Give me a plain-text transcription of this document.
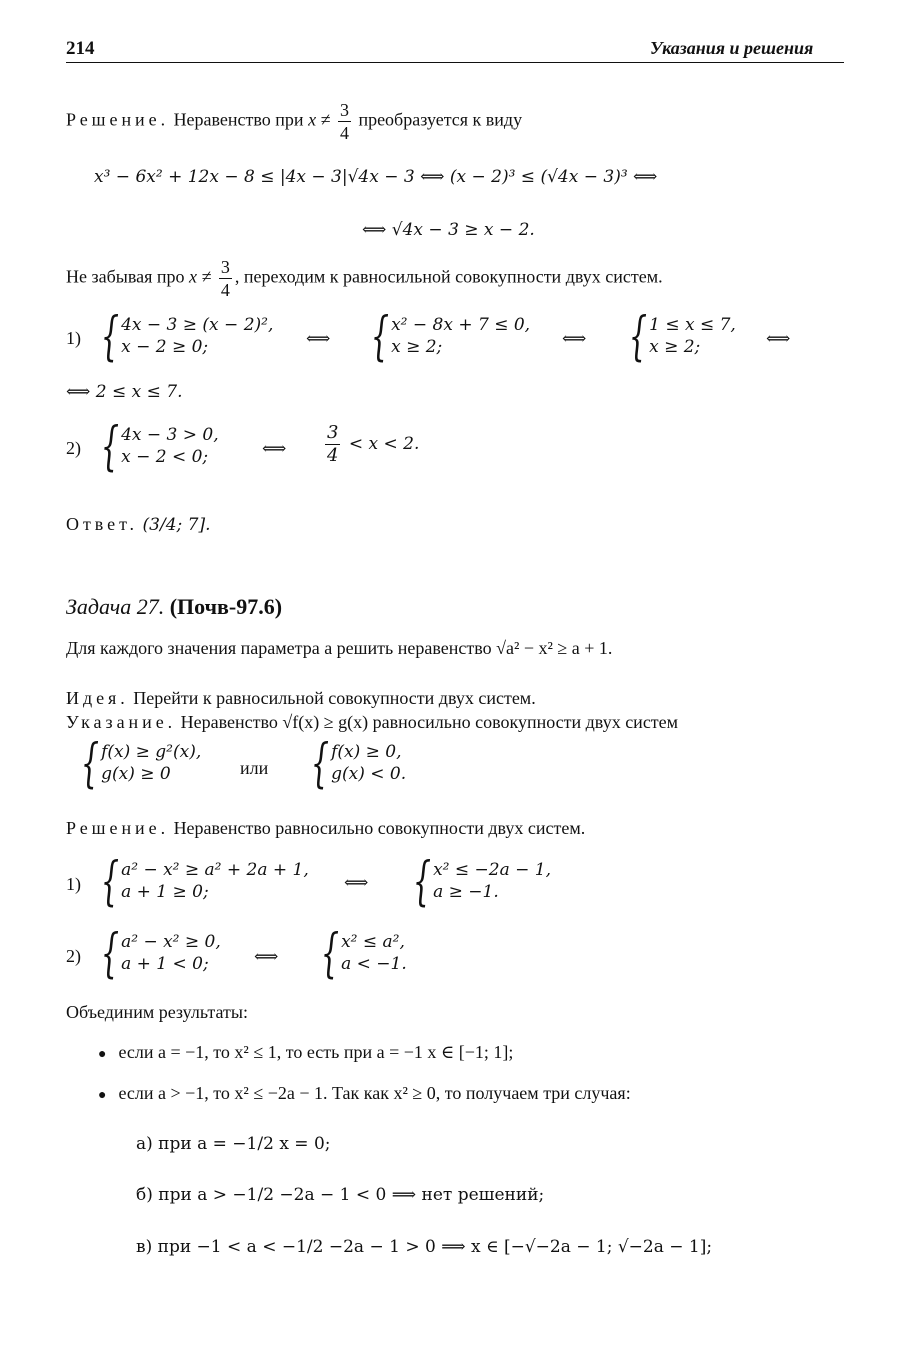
214	Указания и решения
Решение. Неравенство при $x \ne \frac{3}{4}$ преобразуется к виду
x³ − 6x² + 12x − 8 ≤ |4x − 3|√4x − 3 ⟺ (x − 2)³ ≤ (√4x − 3)³ ⟺
⟺ √4x − 3 ≥ x − 2.
Не забывая про $x \ne \frac{3}{4}$ , переходим к равносильной совокупности двух систем.
1) { 4x − 3 ≥ (x − 2)²,
x − 2 ≥ 0;	⟺ { x² − 8x + 7 ≤ 0,
x ≥ 2;	⟺ { 1 ≤ x ≤ 7,
x ≥ 2;	⟺
⟺ 2 ≤ x ≤ 7.
2) { 4x − 3 > 0,
x − 2 < 0;	⟺ $\frac{3}{4} < x < 2$.
Ответ. (3/4; 7].
Задача 27. (Почв-97.6)
Для каждого значения параметра a решить неравенство √a² − x² ≥ a + 1.
Идея. Перейти к равносильной совокупности двух систем.
Указание. Неравенство √f(x) ≥ g(x) равносильно совокупности двух систем
{ f(x) ≥ g²(x),
g(x) ≥ 0	или { f(x) ≥ 0,
g(x) < 0.
Решение. Неравенство равносильно совокупности двух систем.
1) { a² − x² ≥ a² + 2a + 1,
a + 1 ≥ 0;	⟺ { x² ≤ −2a − 1,
a ≥ −1.
2) { a² − x² ≥ 0,
a + 1 < 0;	⟺ { x² ≤ a²,
a < −1.
Объединим результаты:
● если a = −1, то x² ≤ 1, то есть при a = −1 x ∈ [−1; 1];
● если a > −1, то x² ≤ −2a − 1. Так как x² ≥ 0, то получаем три случая:
а) при a = −1/2 x = 0;
б) при a > −1/2 −2a − 1 < 0 ⟹ нет решений;
в) при −1 < a < −1/2 −2a − 1 > 0 ⟹ x ∈ [−√−2a − 1; √−2a − 1];
